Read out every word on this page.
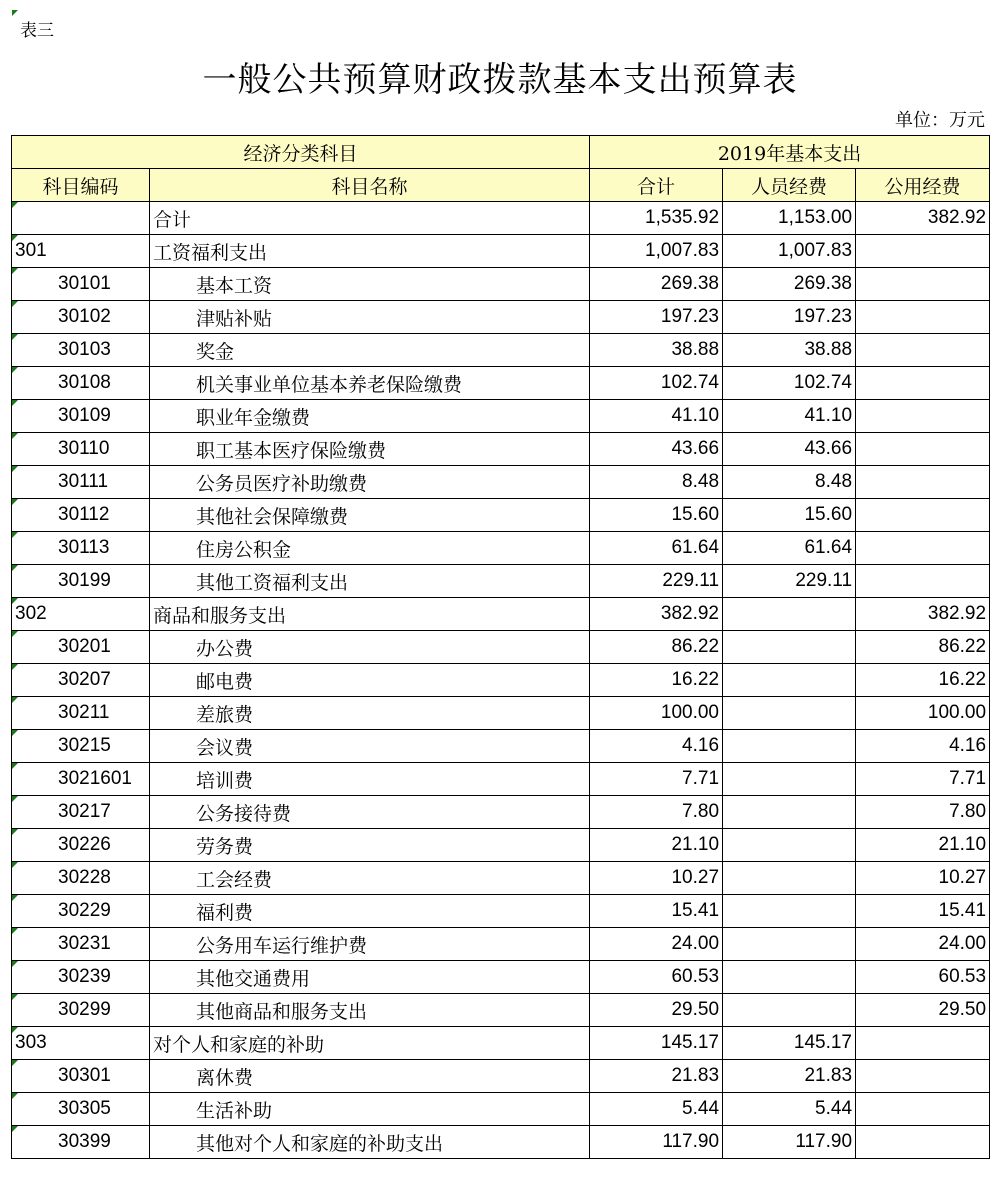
表三
一般公共预算财政拨款基本支出预算表
单位：万元
经济分类科目		2019年基本支出		
科目编码	科目名称	合计	人员经费	公用经费
	合计	1,535.92	1,153.00	382.92
301	工资福利支出	1,007.83	1,007.83	
30101	基本工资	269.38	269.38	
30102	津贴补贴	197.23	197.23	
30103	奖金	38.88	38.88	
30108	机关事业单位基本养老保险缴费	102.74	102.74	
30109	职业年金缴费	41.10	41.10	
30110	职工基本医疗保险缴费	43.66	43.66	
30111	公务员医疗补助缴费	8.48	8.48	
30112	其他社会保障缴费	15.60	15.60	
30113	住房公积金	61.64	61.64	
30199	其他工资福利支出	229.11	229.11	
302	商品和服务支出	382.92		382.92
30201	办公费	86.22		86.22
30207	邮电费	16.22		16.22
30211	差旅费	100.00		100.00
30215	会议费	4.16		4.16
3021601	培训费	7.71		7.71
30217	公务接待费	7.80		7.80
30226	劳务费	21.10		21.10
30228	工会经费	10.27		10.27
30229	福利费	15.41		15.41
30231	公务用车运行维护费	24.00		24.00
30239	其他交通费用	60.53		60.53
30299	其他商品和服务支出	29.50		29.50
303	对个人和家庭的补助	145.17	145.17	
30301	离休费	21.83	21.83	
30305	生活补助	5.44	5.44	
30399	其他对个人和家庭的补助支出	117.90	117.90	
